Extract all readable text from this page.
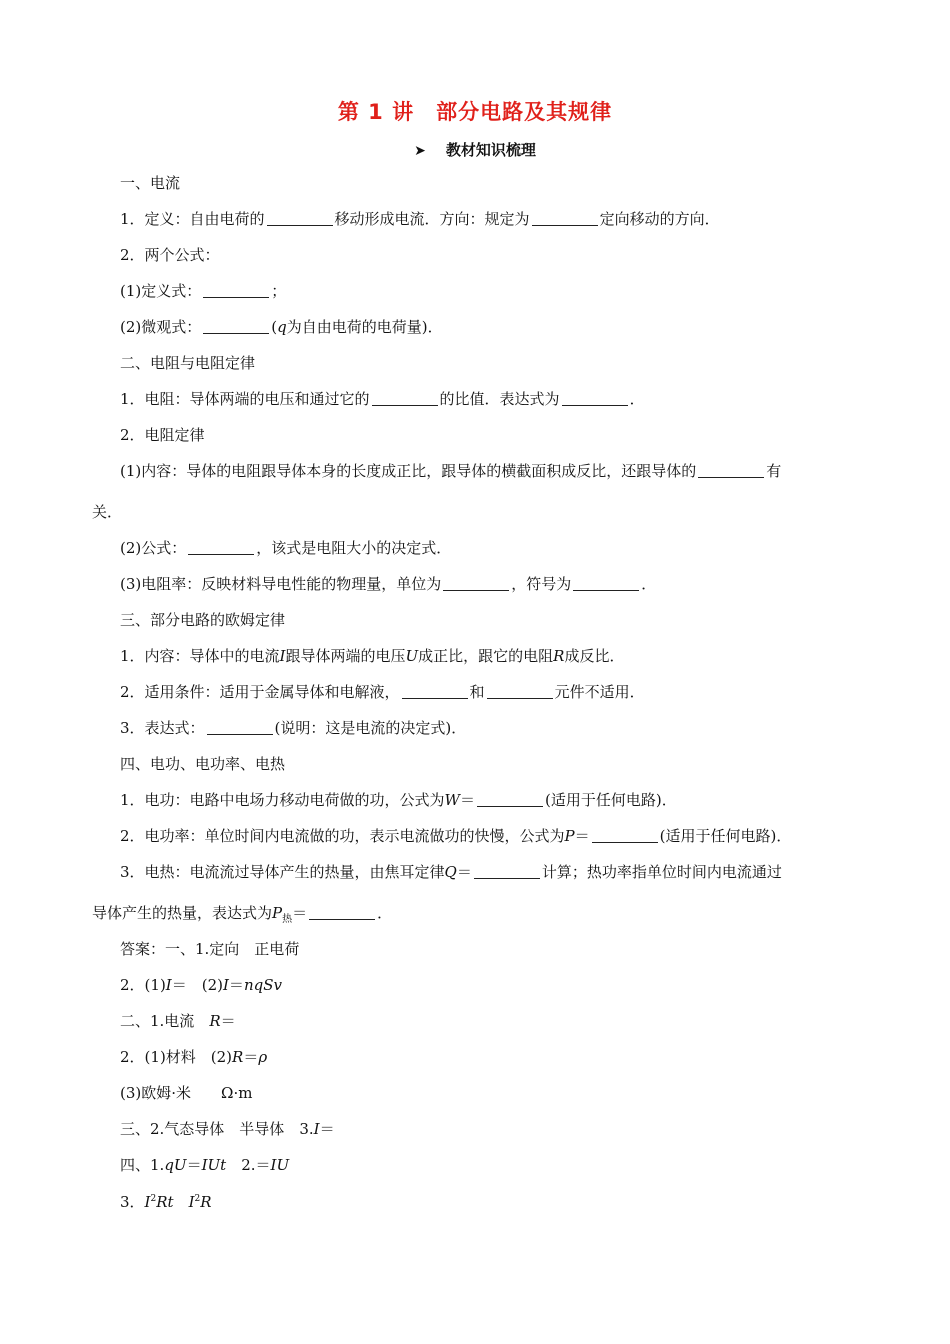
第 1 讲　部分电路及其规律
➤ 教材知识梳理
一、电流
1．定义：自由电荷的	移动形成电流．方向：规定为	定向移动的方向．
2．两个公式：
(1)定义式：	；
(2)微观式：	(q为自由电荷的电荷量)．
二、电阻与电阻定律
1．电阻：导体两端的电压和通过它的	的比值．表达式为	．
2．电阻定律
(1)内容：导体的电阻跟导体本身的长度成正比，跟导体的横截面积成反比，还跟导体的	有
关．
(2)公式：	，该式是电阻大小的决定式．
(3)电阻率：反映材料导电性能的物理量，单位为	，符号为	．
三、部分电路的欧姆定律
1．内容：导体中的电流I跟导体两端的电压U成正比，跟它的电阻R成反比．
2．适用条件：适用于金属导体和电解液，	和	元件不适用．
3．表达式：	(说明：这是电流的决定式)．
四、电功、电功率、电热
1．电功：电路中电场力移动电荷做的功，公式为W＝	(适用于任何电路)．
2．电功率：单位时间内电流做的功，表示电流做功的快慢，公式为P＝	(适用于任何电路)．
3．电热：电流流过导体产生的热量，由焦耳定律Q＝	计算；热功率指单位时间内电流通过
导体产生的热量，表达式为$P_热=$	．
答案：一、1.定向　正电荷
2．(1)I＝　(2)I＝nqSv
二、1.电流　R＝
2．(1)材料　(2)R＝ρ
(3)欧姆·米　　Ω·m
三、2.气态导体　半导体　3.I＝
四、1.qU＝IUt　2.＝IU
3．$I^2Rt$　 $I^2R$
